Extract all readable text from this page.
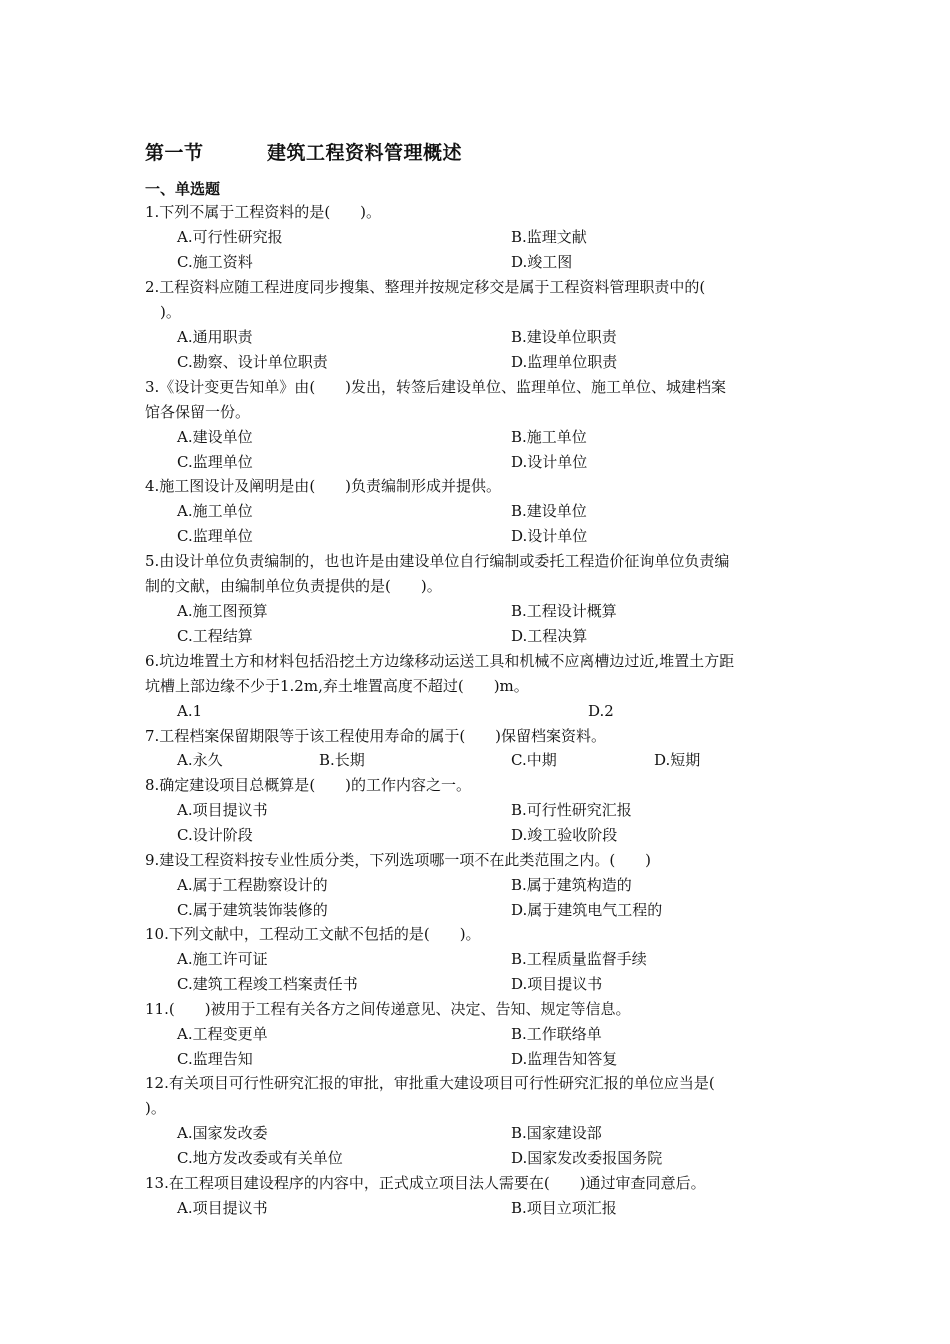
第一节	建筑工程资料管理概述
一、单选题
1.下列不属于工程资料的是(　　)。
A.可行性研究报	B.监理文献
C.施工资料	D.竣工图
2.工程资料应随工程进度同步搜集、整理并按规定移交是属于工程资料管理职责中的(
　)。
A.通用职责	B.建设单位职责
C.勘察、设计单位职责	D.监理单位职责
3.《设计变更告知单》由(　　)发出，转签后建设单位、监理单位、施工单位、城建档案
馆各保留一份。
A.建设单位	B.施工单位
C.监理单位	D.设计单位
4.施工图设计及阐明是由(　　)负责编制形成并提供。
A.施工单位	B.建设单位
C.监理单位	D.设计单位
5.由设计单位负责编制的，也也许是由建设单位自行编制或委托工程造价征询单位负责编
制的文献，由编制单位负责提供的是(　　)。
A.施工图预算	B.工程设计概算
C.工程结算	D.工程决算
6.坑边堆置土方和材料包括沿挖土方边缘移动运送工具和机械不应离槽边过近,堆置土方距
坑槽上部边缘不少于1.2m,弃土堆置高度不超过(　　)m。
A.1	D.2
7.工程档案保留期限等于该工程使用寿命的属于(　　)保留档案资料。
A.永久	B.长期	C.中期	D.短期
8.确定建设项目总概算是(　　)的工作内容之一。
A.项目提议书	B.可行性研究汇报
C.设计阶段	D.竣工验收阶段
9.建设工程资料按专业性质分类，下列选项哪一项不在此类范围之内。(　　)
A.属于工程勘察设计的	B.属于建筑构造的
C.属于建筑装饰装修的	D.属于建筑电气工程的
10.下列文献中，工程动工文献不包括的是(　　)。
A.施工许可证	B.工程质量监督手续
C.建筑工程竣工档案责任书	D.项目提议书
11.(　　)被用于工程有关各方之间传递意见、决定、告知、规定等信息。
A.工程变更单	B.工作联络单
C.监理告知	D.监理告知答复
12.有关项目可行性研究汇报的审批，审批重大建设项目可行性研究汇报的单位应当是(
)。
A.国家发改委	B.国家建设部
C.地方发改委或有关单位	D.国家发改委报国务院
13.在工程项目建设程序的内容中，正式成立项目法人需要在(　　)通过审查同意后。
A.项目提议书	B.项目立项汇报
